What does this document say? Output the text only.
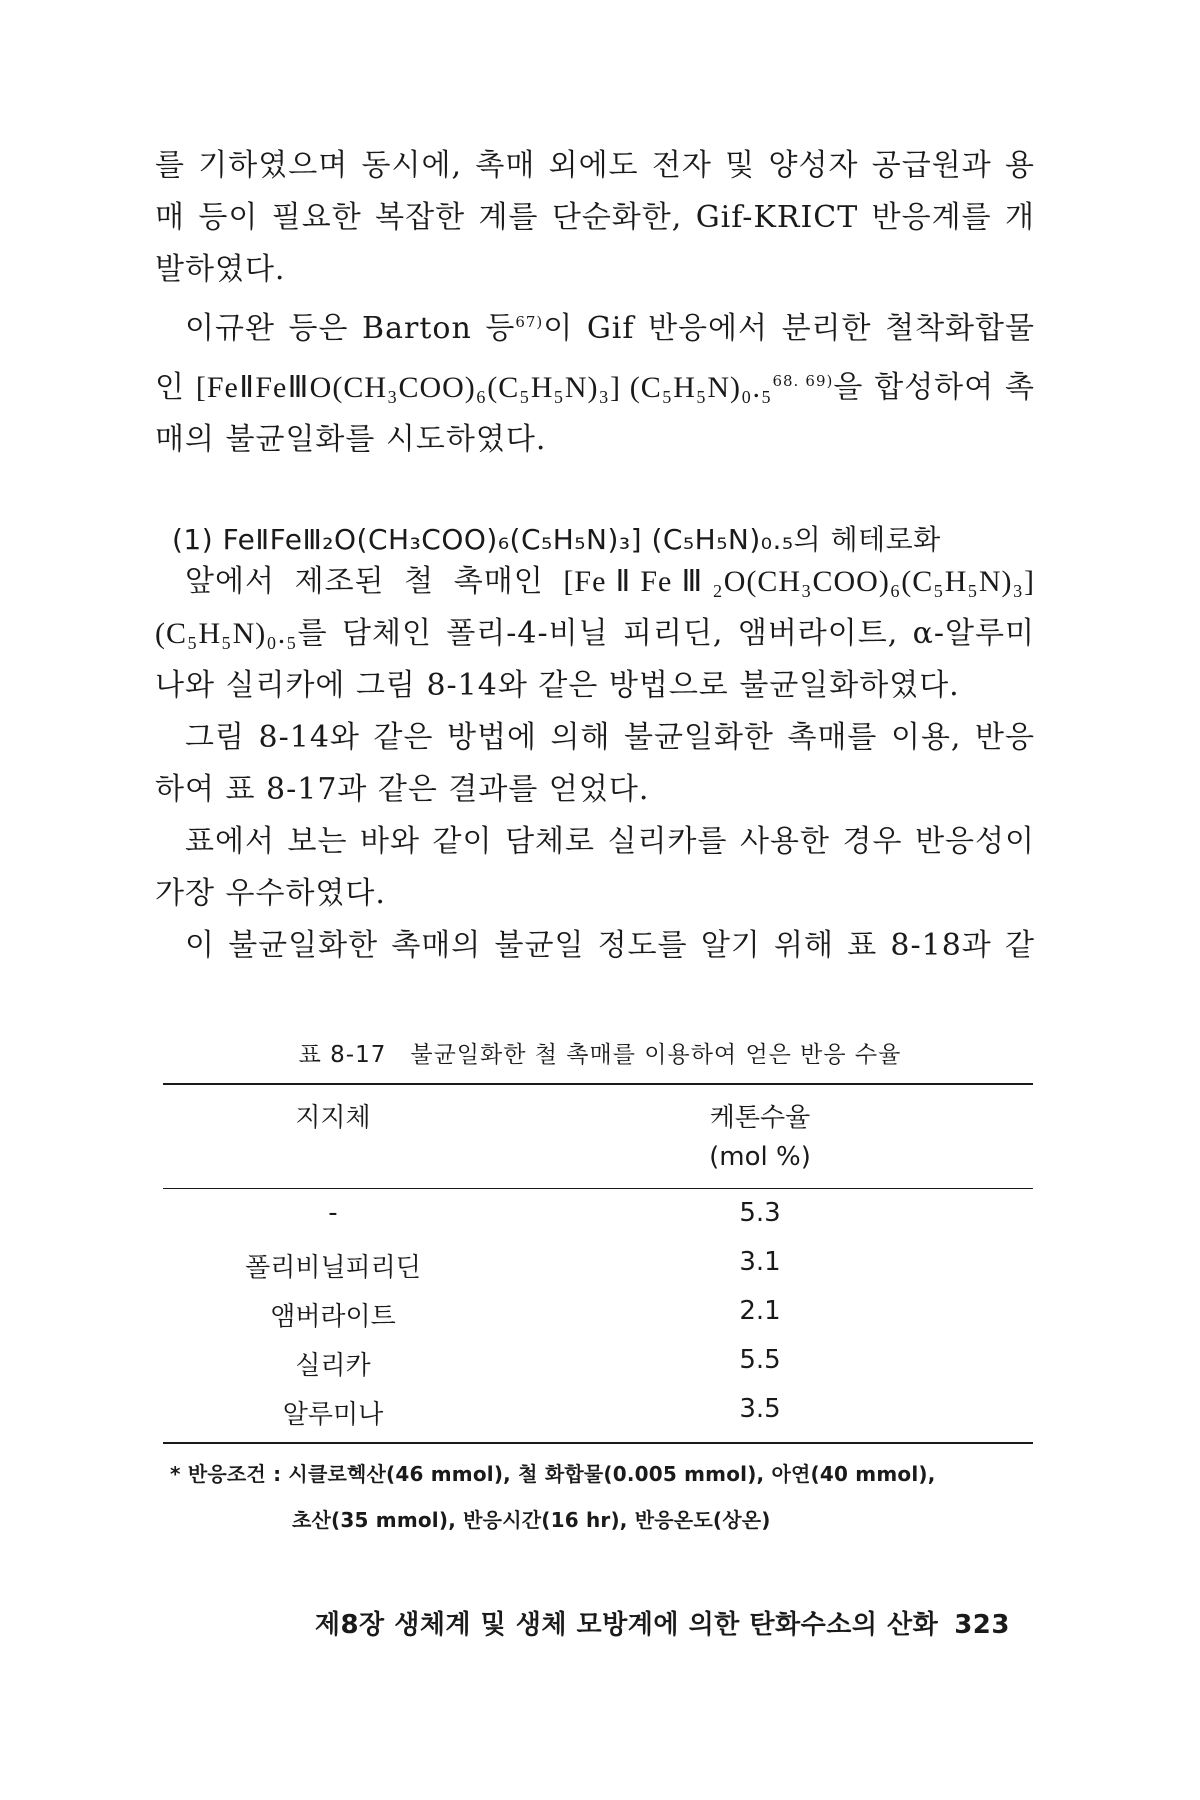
를 기하였으며 동시에, 촉매 외에도 전자 및 양성자 공급원과 용매 등이 필요한 복잡한 계를 단순화한, Gif-KRICT 반응계를 개발하였다.

이규완 등은 Barton 등$^{67)}$이 Gif 반응에서 분리한 철착화합물인 [FeⅡFeⅢO(CH₃COO)₆(C₅H₅N)₃] (C₅H₅N)₀.₅$^{68. 69)}$을 합성하여 촉매의 불균일화를 시도하였다.

(1) FeⅡFeⅢ₂O(CH₃COO)₆(C₅H₅N)₃] (C₅H₅N)₀.₅의 헤테로화

앞에서 제조된 철 촉매인 [FeⅡFeⅢ₂O(CH₃COO)₆(C₅H₅N)₃] (C₅H₅N)₀.₅를 담체인 폴리-4-비닐 피리딘, 앰버라이트, α-알루미나와 실리카에 그림 8-14와 같은 방법으로 불균일화하였다.

그림 8-14와 같은 방법에 의해 불균일화한 촉매를 이용, 반응하여 표 8-17과 같은 결과를 얻었다.

표에서 보는 바와 같이 담체로 실리카를 사용한 경우 반응성이 가장 우수하였다.

이 불균일화한 촉매의 불균일 정도를 알기 위해 표 8-18과 같

표 8-17 불균일화한 철 촉매를 이용하여 얻은 반응 수율
지지체	케톤수율
(mol %)
-	5.3
폴리비닐피리딘	3.1
앰버라이트	2.1
실리카	5.5
알루미나	3.5
* 반응조건 : 시클로헥산(46 mmol), 철 화합물(0.005 mmol), 아연(40 mmol),
초산(35 mmol), 반응시간(16 hr), 반응온도(상온)
제8장 생체계 및 생체 모방계에 의한 탄화수소의 산화 323
